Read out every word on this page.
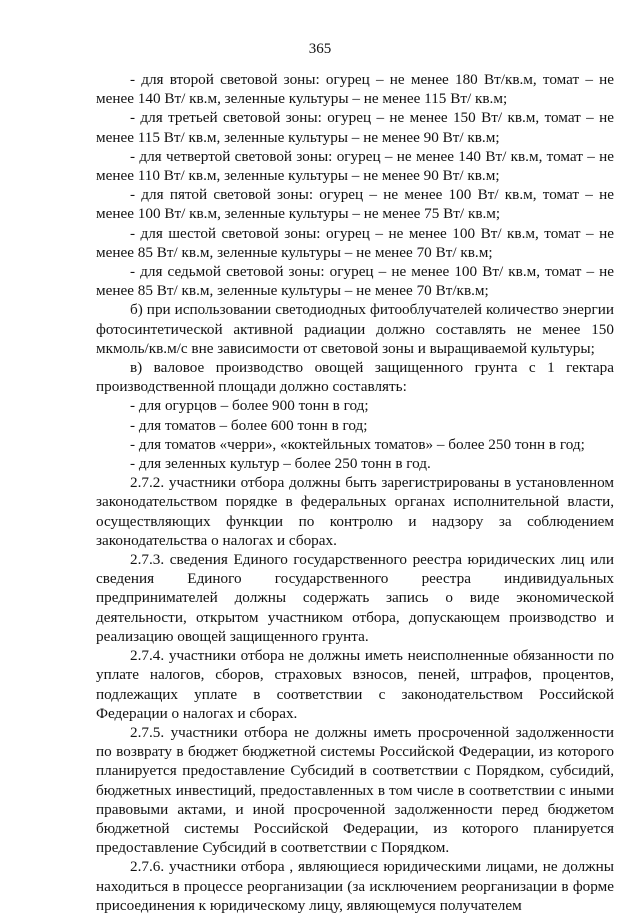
365

- для второй световой зоны: огурец – не менее 180 Вт/кв.м, томат – не менее 140 Вт/ кв.м, зеленные культуры – не менее 115 Вт/ кв.м;

- для третьей световой зоны: огурец – не менее 150 Вт/ кв.м, томат – не менее 115 Вт/ кв.м, зеленные культуры – не менее 90 Вт/ кв.м;

- для четвертой световой зоны: огурец – не менее 140 Вт/ кв.м, томат – не менее 110 Вт/ кв.м, зеленные культуры – не менее 90 Вт/ кв.м;

- для пятой световой зоны: огурец – не менее 100 Вт/ кв.м, томат – не менее 100 Вт/ кв.м, зеленные культуры – не менее 75 Вт/ кв.м;

- для шестой световой зоны: огурец – не менее 100 Вт/ кв.м, томат – не менее 85 Вт/ кв.м, зеленные культуры – не менее 70 Вт/ кв.м;

- для седьмой световой зоны: огурец – не менее 100 Вт/ кв.м, томат – не менее 85 Вт/ кв.м, зеленные культуры – не менее 70 Вт/кв.м;

б) при использовании светодиодных фитооблучателей количество энергии фотосинтетической активной радиации должно составлять не менее 150 мкмоль/кв.м/с вне зависимости от световой зоны и выращиваемой культуры;

в) валовое производство овощей защищенного грунта с 1 гектара производственной площади должно составлять:

- для огурцов – более 900 тонн в год;

- для томатов – более 600 тонн в год;

- для томатов «черри», «коктейльных томатов» – более 250 тонн в год;

- для зеленных культур – более 250 тонн в год.

2.7.2. участники отбора должны быть зарегистрированы в установленном законодательством порядке в федеральных органах исполнительной власти, осуществляющих функции по контролю и надзору за соблюдением законодательства о налогах и сборах.

2.7.3. сведения Единого государственного реестра юридических лиц или сведения Единого государственного реестра индивидуальных предпринимателей должны содержать запись о виде экономической деятельности, открытом участником отбора, допускающем производство и реализацию овощей защищенного грунта.

2.7.4. участники отбора не должны иметь неисполненные обязанности по уплате налогов, сборов, страховых взносов, пеней, штрафов, процентов, подлежащих уплате в соответствии с законодательством Российской Федерации о налогах и сборах.

2.7.5. участники отбора не должны иметь просроченной задолженности по возврату в бюджет бюджетной системы Российской Федерации, из которого планируется предоставление Субсидий в соответствии с Порядком, субсидий, бюджетных инвестиций, предоставленных в том числе в соответствии с иными правовыми актами, и иной просроченной задолженности перед бюджетом бюджетной системы Российской Федерации, из которого планируется предоставление Субсидий в соответствии с Порядком.

2.7.6. участники отбора , являющиеся юридическими лицами, не должны находиться в процессе реорганизации (за исключением реорганизации в форме присоединения к юридическому лицу, являющемуся получателем
